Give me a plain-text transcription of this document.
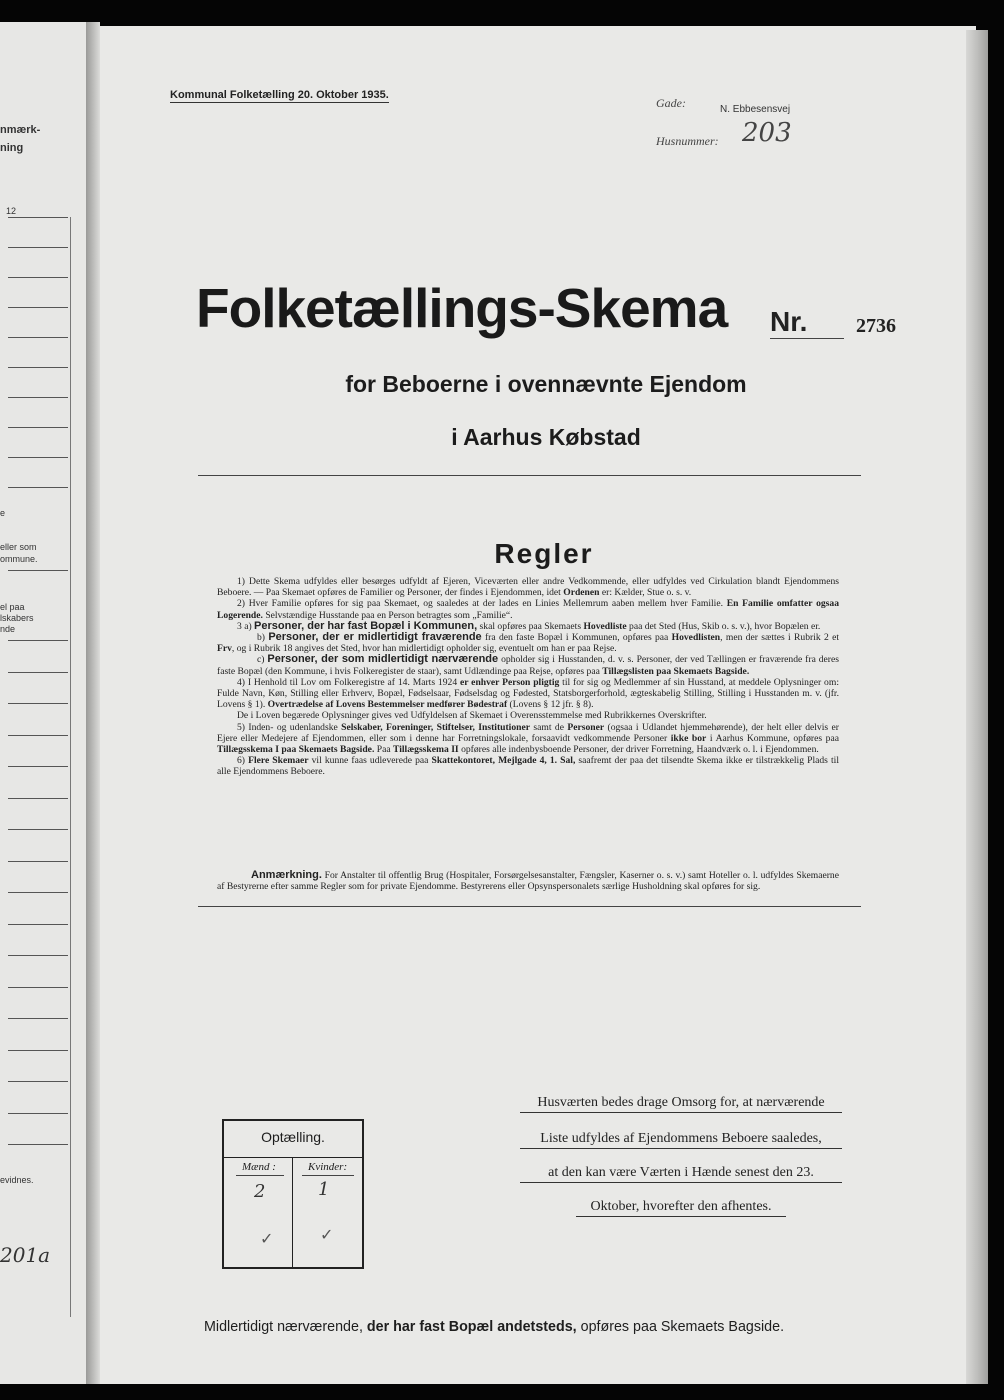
nmærk-
ning
12
e
eller som
ommune.
el paa
lskabers
nde
evidnes.
201a
Kommunal Folketælling 20. Oktober 1935.
Gade:	N. Ebbesensvej
Husnummer: 203
Folketællings-Skema Nr. 2736
for Beboerne i ovennævnte Ejendom
i Aarhus Købstad
Regler

1) Dette Skema udfyldes eller besørges udfyldt af Ejeren, Viceværten eller andre Vedkommende, eller udfyldes ved Cirkulation blandt Ejendommens Beboere. — Paa Skemaet opføres de Familier og Personer, der findes i Ejendommen, idet Ordenen er: Kælder, Stue o. s. v.

2) Hver Familie opføres for sig paa Skemaet, og saaledes at der lades en Linies Mellemrum aaben mellem hver Familie. En Familie omfatter ogsaa Logerende. Selvstændige Husstande paa en Person betragtes som „Familie“.

3 a) Personer, der har fast Bopæl i Kommunen, skal opføres paa Skemaets Hovedliste paa det Sted (Hus, Skib o. s. v.), hvor Bopælen er.

b) Personer, der er midlertidigt fraværende fra den faste Bopæl i Kommunen, opføres paa Hovedlisten, men der sættes i Rubrik 2 et Frv, og i Rubrik 18 angives det Sted, hvor han midlertidigt opholder sig, eventuelt om han er paa Rejse.

c) Personer, der som midlertidigt nærværende opholder sig i Husstanden, d. v. s. Personer, der ved Tællingen er fraværende fra deres faste Bopæl (den Kommune, i hvis Folkeregister de staar), samt Udlændinge paa Rejse, opføres paa Tillægslisten paa Skemaets Bagside.

4) I Henhold til Lov om Folkeregistre af 14. Marts 1924 er enhver Person pligtig til for sig og Medlemmer af sin Husstand, at meddele Oplysninger om: Fulde Navn, Køn, Stilling eller Erhverv, Bopæl, Fødselsaar, Fødselsdag og Fødested, Statsborgerforhold, ægteskabelig Stilling, Stilling i Husstanden m. v. (jfr. Lovens § 1). Overtrædelse af Lovens Bestemmelser medfører Bødestraf (Lovens § 12 jfr. § 8).

De i Loven begærede Oplysninger gives ved Udfyldelsen af Skemaet i Overensstemmelse med Rubrikkernes Overskrifter.

5) Inden- og udenlandske Selskaber, Foreninger, Stiftelser, Institutioner samt de Personer (ogsaa i Udlandet hjemmehørende), der helt eller delvis er Ejere eller Medejere af Ejendommen, eller som i denne har Forretningslokale, forsaavidt vedkommende Personer ikke bor i Aarhus Kommune, opføres paa Tillægsskema I paa Skemaets Bagside. Paa Tillægsskema II opføres alle indenbysboende Personer, der driver Forretning, Haandværk o. l. i Ejendommen.

6) Flere Skemaer vil kunne faas udleverede paa Skattekontoret, Mejlgade 4, 1. Sal, saafremt der paa det tilsendte Skema ikke er tilstrækkelig Plads til alle Ejendommens Beboere.

Anmærkning. For Anstalter til offentlig Brug (Hospitaler, Forsørgelsesanstalter, Fængsler, Kaserner o. s. v.) samt Hoteller o. l. udfyldes Skemaerne af Bestyrerne efter samme Regler som for private Ejendomme. Bestyrerens eller Opsynspersonalets særlige Husholdning skal opføres for sig.
Optælling.
Mænd :	Kvinder:
2	1
✓	✓
Husværten bedes drage Omsorg for, at nærværende
Liste udfyldes af Ejendommens Beboere saaledes,
at den kan være Værten i Hænde senest den 23.
Oktober, hvorefter den afhentes.
Midlertidigt nærværende, der har fast Bopæl andetsteds, opføres paa Skemaets Bagside.
